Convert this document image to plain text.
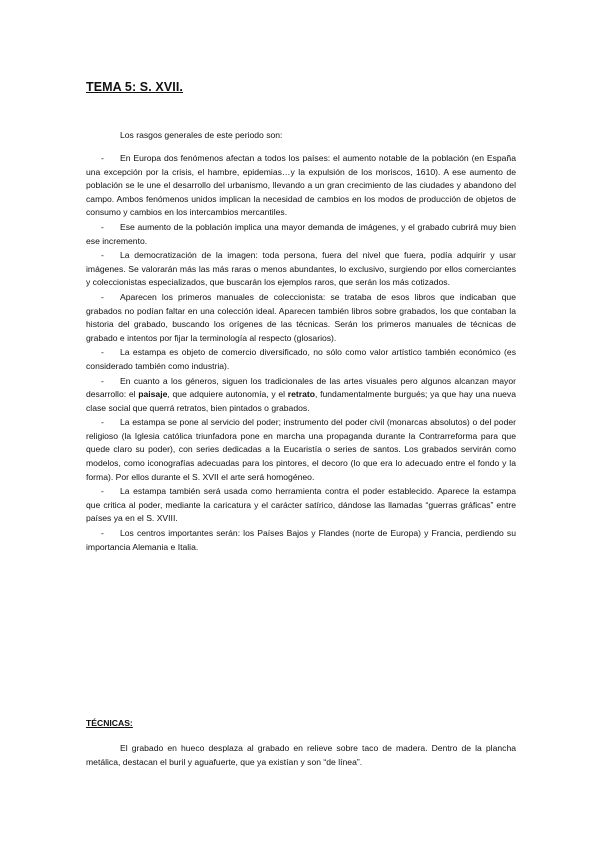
TEMA 5: S. XVII.
Los rasgos generales de este periodo son:
- En Europa dos fenómenos afectan a todos los países: el aumento notable de la población (en España una excepción por la crisis, el hambre, epidemias…y la expulsión de los moriscos, 1610). A ese aumento de población se le une el desarrollo del urbanismo, llevando a un gran crecimiento de las ciudades y abandono del campo. Ambos fenómenos unidos implican la necesidad de cambios en los modos de producción de objetos de consumo y cambios en los intercambios mercantiles.
- Ese aumento de la población implica una mayor demanda de imágenes, y el grabado cubrirá muy bien ese incremento.
- La democratización de la imagen: toda persona, fuera del nivel que fuera, podía adquirir y usar imágenes. Se valorarán más las más raras o menos abundantes, lo exclusivo, surgiendo por ellos comerciantes y coleccionistas especializados, que buscarán los ejemplos raros, que serán los más cotizados.
- Aparecen los primeros manuales de coleccionista: se trataba de esos libros que indicaban que grabados no podían faltar en una colección ideal. Aparecen también libros sobre grabados, los que contaban la historia del grabado, buscando los orígenes de las técnicas. Serán los primeros manuales de técnicas de grabado e intentos por fijar la terminología al respecto (glosarios).
- La estampa es objeto de comercio diversificado, no sólo como valor artístico también económico (es considerado también como industria).
- En cuanto a los géneros, siguen los tradicionales de las artes visuales pero algunos alcanzan mayor desarrollo: el paisaje, que adquiere autonomía, y el retrato, fundamentalmente burgués; ya que hay una nueva clase social que querrá retratos, bien pintados o grabados.
- La estampa se pone al servicio del poder; instrumento del poder civil (monarcas absolutos) o del poder religioso (la Iglesia católica triunfadora pone en marcha una propaganda durante la Contrarreforma para que quede claro su poder), con series dedicadas a la Eucaristía o series de santos. Los grabados servirán como modelos, como iconografías adecuadas para los pintores, el decoro (lo que era lo adecuado entre el fondo y la forma). Por ellos durante el S. XVII el arte será homogéneo.
- La estampa también será usada como herramienta contra el poder establecido. Aparece la estampa que critica al poder, mediante la caricatura y el carácter satírico, dándose las llamadas “guerras gráficas” entre países ya en el S. XVIII.
- Los centros importantes serán: los Países Bajos y Flandes (norte de Europa) y Francia, perdiendo su importancia Alemania e Italia.
TÉCNICAS:

El grabado en hueco desplaza al grabado en relieve sobre taco de madera. Dentro de la plancha metálica, destacan el buril y aguafuerte, que ya existían y son “de línea”.
